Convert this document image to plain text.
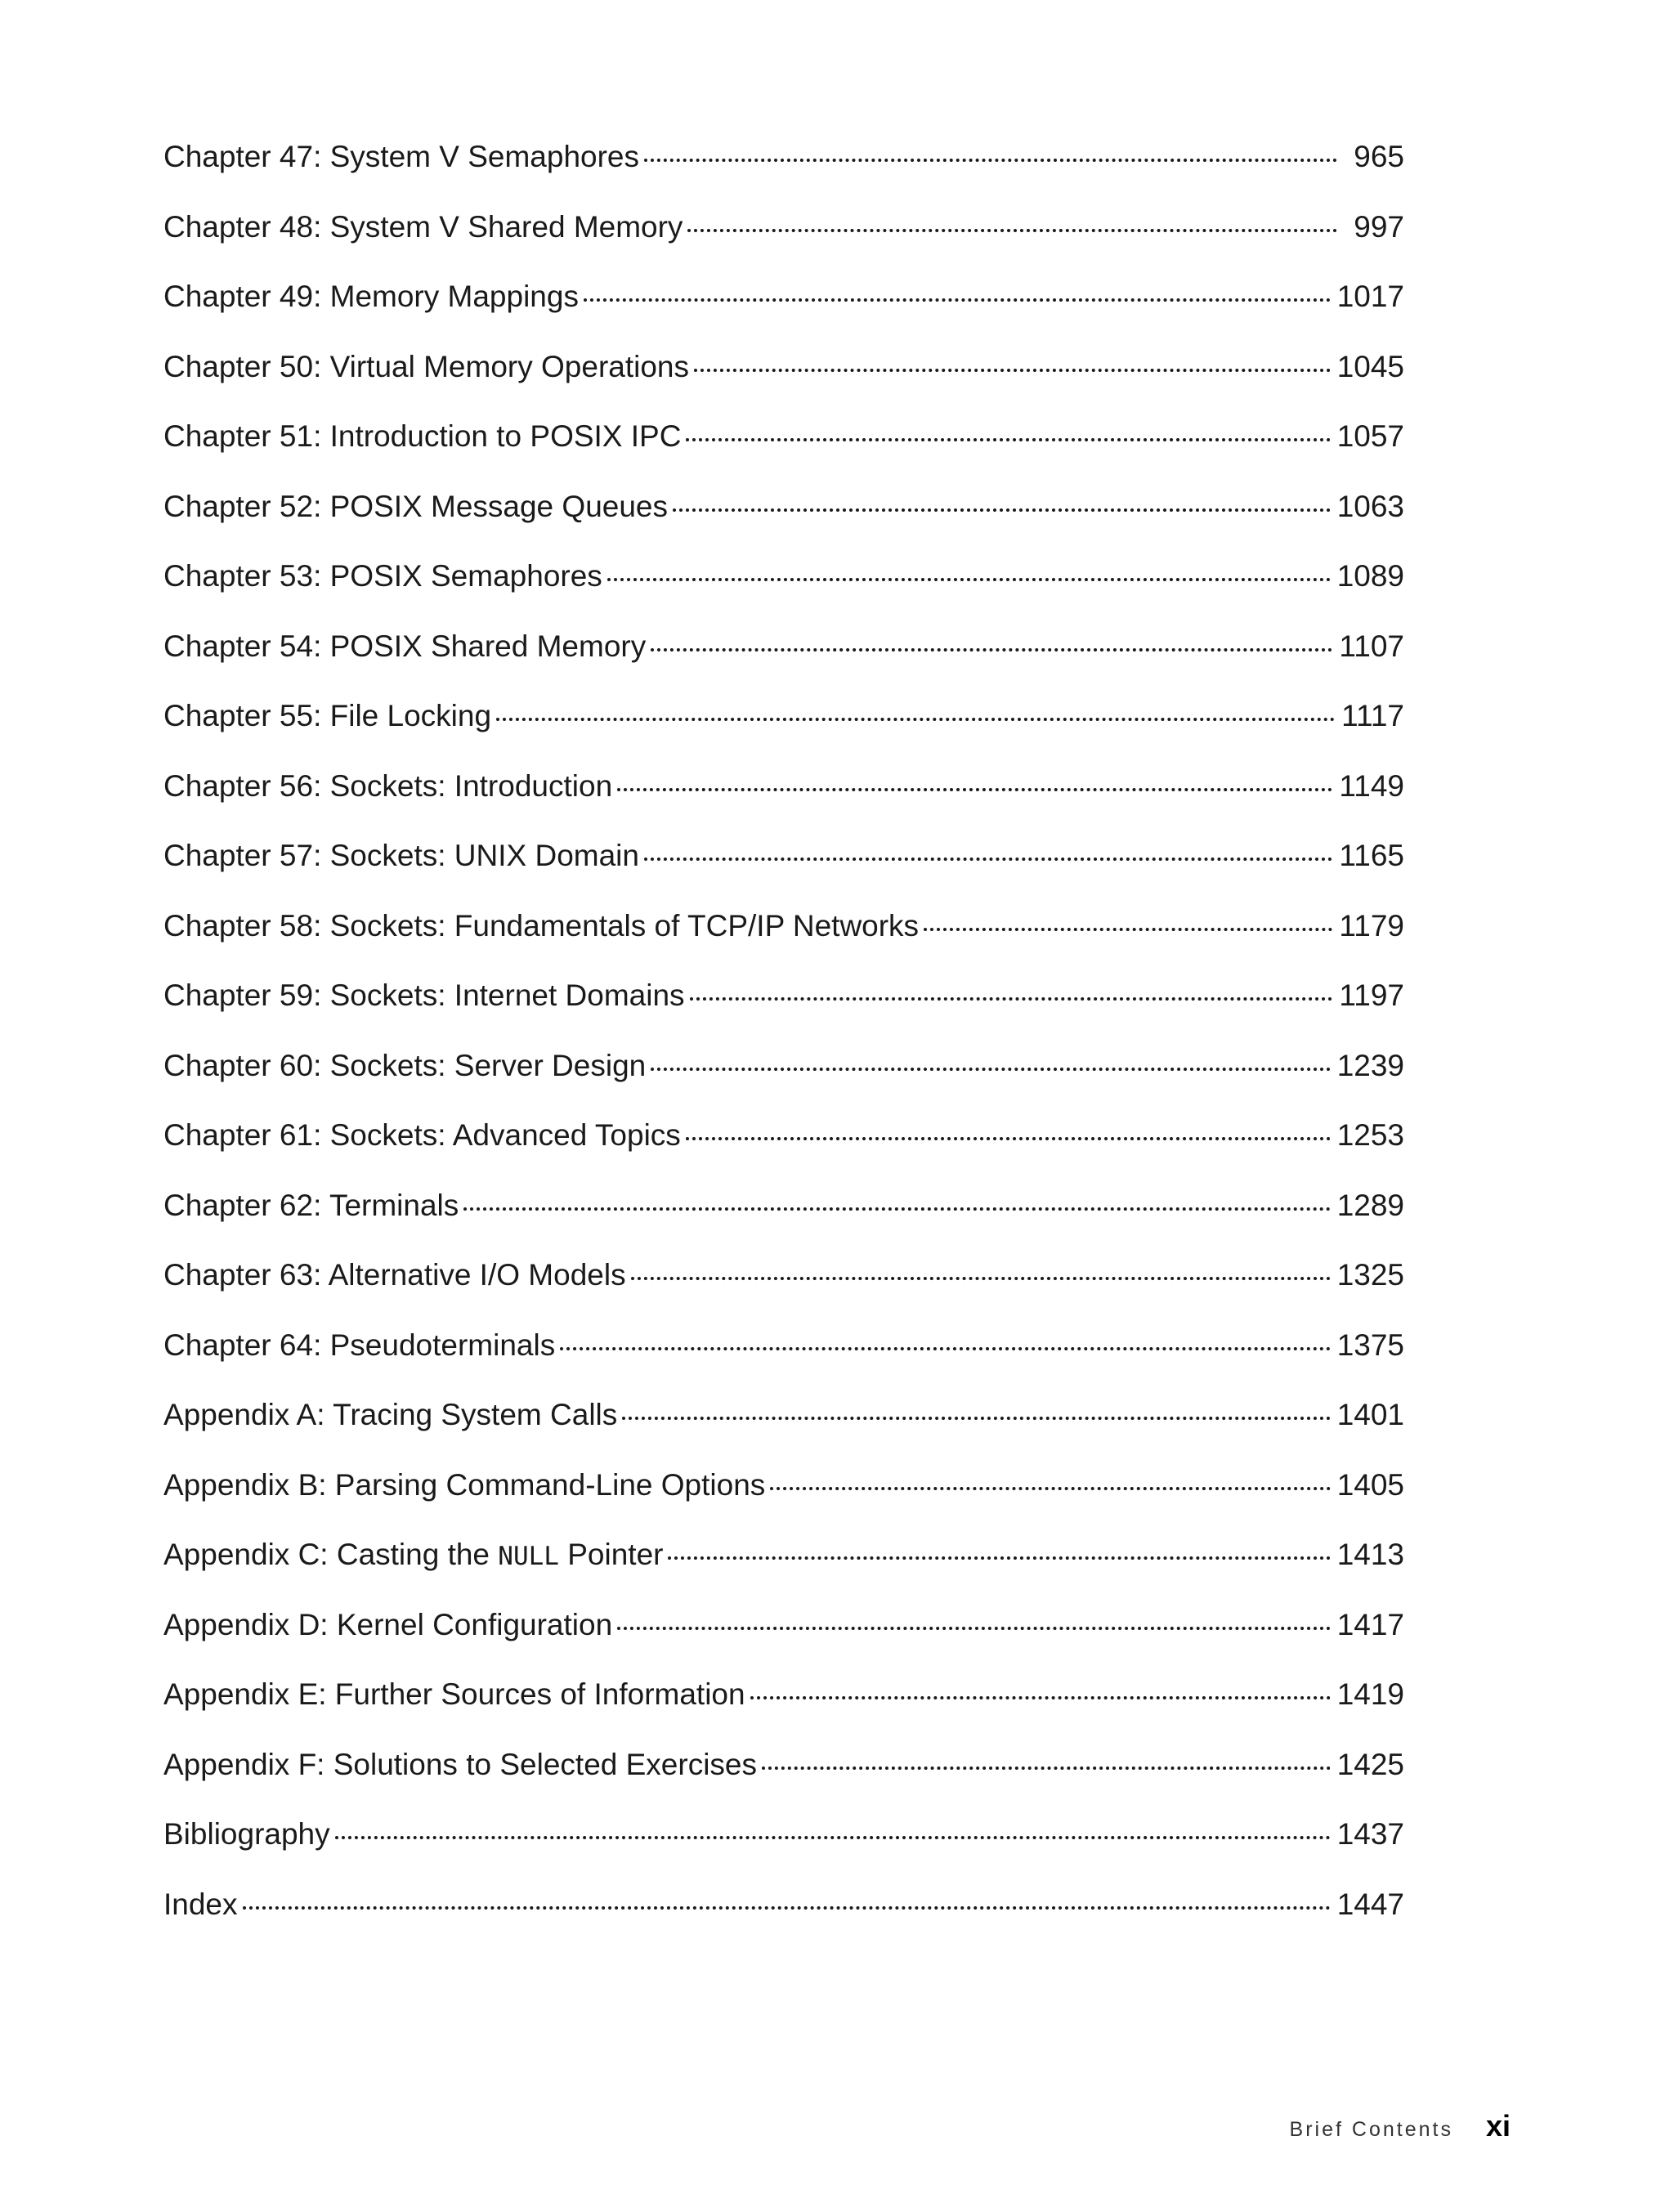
Chapter 47: System V Semaphores	965
Chapter 48: System V Shared Memory	997
Chapter 49: Memory Mappings	1017
Chapter 50: Virtual Memory Operations	1045
Chapter 51: Introduction to POSIX IPC	1057
Chapter 52: POSIX Message Queues	1063
Chapter 53: POSIX Semaphores	1089
Chapter 54: POSIX Shared Memory	1107
Chapter 55: File Locking	1117
Chapter 56: Sockets: Introduction	1149
Chapter 57: Sockets: UNIX Domain	1165
Chapter 58: Sockets: Fundamentals of TCP/IP Networks	1179
Chapter 59: Sockets: Internet Domains	1197
Chapter 60: Sockets: Server Design	1239
Chapter 61: Sockets: Advanced Topics	1253
Chapter 62: Terminals	1289
Chapter 63: Alternative I/O Models	1325
Chapter 64: Pseudoterminals	1375
Appendix A: Tracing System Calls	1401
Appendix B: Parsing Command-Line Options	1405
Appendix C: Casting the NULL Pointer	1413
Appendix D: Kernel Configuration	1417
Appendix E: Further Sources of Information	1419
Appendix F: Solutions to Selected Exercises	1425
Bibliography	1437
Index	1447
Brief Contents xi
